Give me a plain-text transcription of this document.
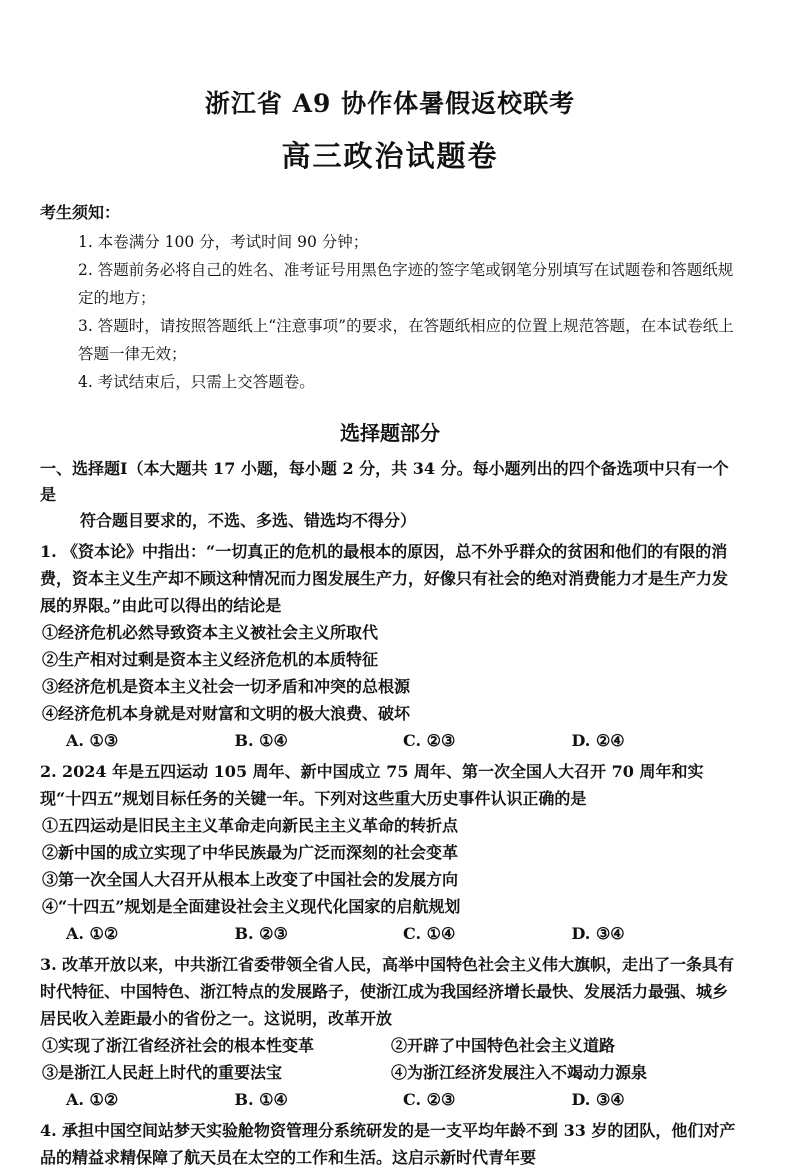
浙江省 A9 协作体暑假返校联考
高三政治试题卷
考生须知：
1. 本卷满分 100 分，考试时间 90 分钟；
2. 答题前务必将自己的姓名、准考证号用黑色字迹的签字笔或钢笔分别填写在试题卷和答题纸规定的地方；
3. 答题时，请按照答题纸上“注意事项”的要求，在答题纸相应的位置上规范答题，在本试卷纸上答题一律无效；
4. 考试结束后，只需上交答题卷。
选择题部分
一、选择题Ⅰ（本大题共 17 小题，每小题 2 分，共 34 分。每小题列出的四个备选项中只有一个是
符合题目要求的，不选、多选、错选均不得分）
1. 《资本论》中指出：“一切真正的危机的最根本的原因，总不外乎群众的贫困和他们的有限的消费，资本主义生产却不顾这种情况而力图发展生产力，好像只有社会的绝对消费能力才是生产力发展的界限。”由此可以得出的结论是
①经济危机必然导致资本主义被社会主义所取代
②生产相对过剩是资本主义经济危机的本质特征
③经济危机是资本主义社会一切矛盾和冲突的总根源
④经济危机本身就是对财富和文明的极大浪费、破坏
A. ①③	B. ①④	C. ②③	D. ②④
2. 2024 年是五四运动 105 周年、新中国成立 75 周年、第一次全国人大召开 70 周年和实现“十四五”规划目标任务的关键一年。下列对这些重大历史事件认识正确的是
①五四运动是旧民主主义革命走向新民主主义革命的转折点
②新中国的成立实现了中华民族最为广泛而深刻的社会变革
③第一次全国人大召开从根本上改变了中国社会的发展方向
④“十四五”规划是全面建设社会主义现代化国家的启航规划
A. ①②	B. ②③	C. ①④	D. ③④
3. 改革开放以来，中共浙江省委带领全省人民，高举中国特色社会主义伟大旗帜，走出了一条具有时代特征、中国特色、浙江特点的发展路子，使浙江成为我国经济增长最快、发展活力最强、城乡居民收入差距最小的省份之一。这说明，改革开放
①实现了浙江省经济社会的根本性变革	②开辟了中国特色社会主义道路
③是浙江人民赶上时代的重要法宝	④为浙江经济发展注入不竭动力源泉
A. ①②	B. ①④	C. ②③	D. ③④
4. 承担中国空间站梦天实验舱物资管理分系统研发的是一支平均年龄不到 33 岁的团队，他们对产品的精益求精保障了航天员在太空的工作和生活。这启示新时代青年要
